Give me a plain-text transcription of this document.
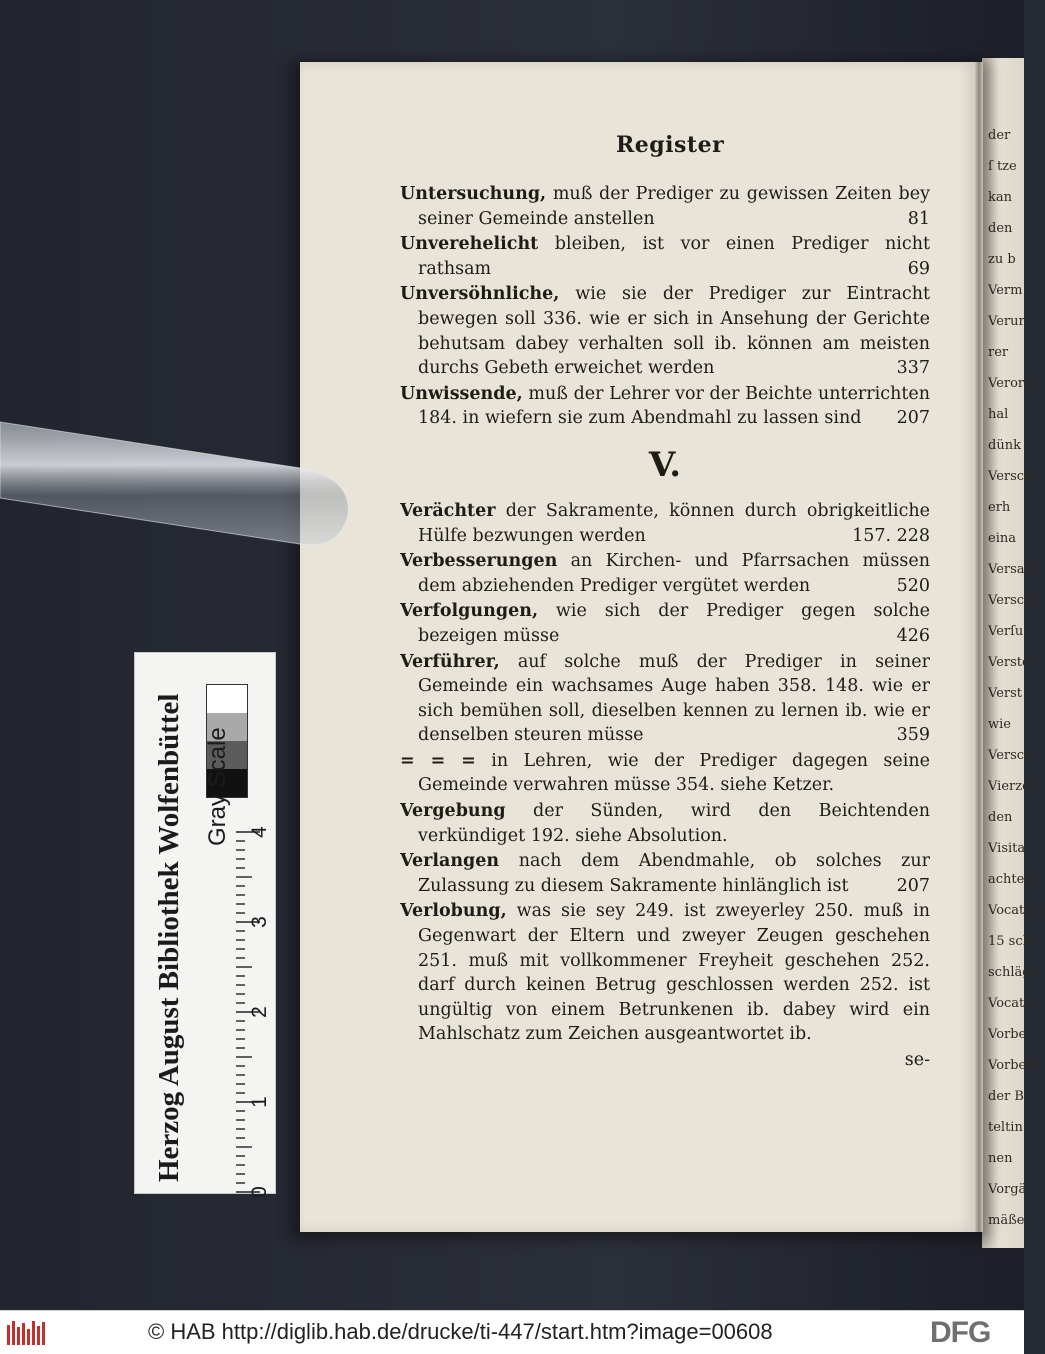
der
ſ tze
kan
den
zu b
Verm
Verur
rer
Verord
hal
dünk
Versch
erh
eina
Versam
Versch
Verſu
Versto
Verst
wie
Versch
Vierzeh
den
Visita
achten
Vocation
15 sch
schläge
Vocatio
Vorbe
Vorbere
der B
teltin
nen
Vorgä
mäße
Register
Untersuchung, muß der Prediger zu gewissen Zeiten bey seiner Gemeinde anstellen	81
Unverehelicht bleiben, ist vor einen Prediger nicht rathsam	69
Unversöhnliche, wie sie der Prediger zur Eintracht bewegen soll 336. wie er sich in Ansehung der Gerichte behutsam dabey verhalten soll ib. können am meisten durchs Gebeth erweichet werden	337
Unwissende, muß der Lehrer vor der Beichte unterrichten 184. in wiefern sie zum Abendmahl zu lassen sind 207
V.
Verächter der Sakramente, können durch obrigkeitliche Hülfe bezwungen werden	157. 228
Verbesserungen an Kirchen- und Pfarrsachen müssen dem abziehenden Prediger vergütet werden	520
Verfolgungen, wie sich der Prediger gegen solche bezeigen müsse	426
Verführer, auf solche muß der Prediger in seiner Gemeinde ein wachsames Auge haben 358. 148. wie er sich bemühen soll, dieselben kennen zu lernen ib. wie er denselben steuren müsse	359
= = = in Lehren, wie der Prediger dagegen seine Gemeinde verwahren müsse 354. siehe Ketzer.
Vergebung der Sünden, wird den Beichtenden verkündiget 192. siehe Absolution.
Verlangen nach dem Abendmahle, ob solches zur Zulassung zu diesem Sakramente hinlänglich ist	207
Verlobung, was sie sey 249. ist zweyerley 250. muß in Gegenwart der Eltern und zweyer Zeugen geschehen 251. muß mit vollkommener Freyheit geschehen 252. darf durch keinen Betrug geschlossen werden 252. ist ungültig von einem Betrunkenen ib. dabey wird ein Mahlschatz zum Zeichen ausgeantwortet ib.
se-
Herzog August Bibliothek Wolfenbüttel Gray Scale
0
1
2
3
4
© HAB http://diglib.hab.de/drucke/ti-447/start.htm?image=00608	DFG
